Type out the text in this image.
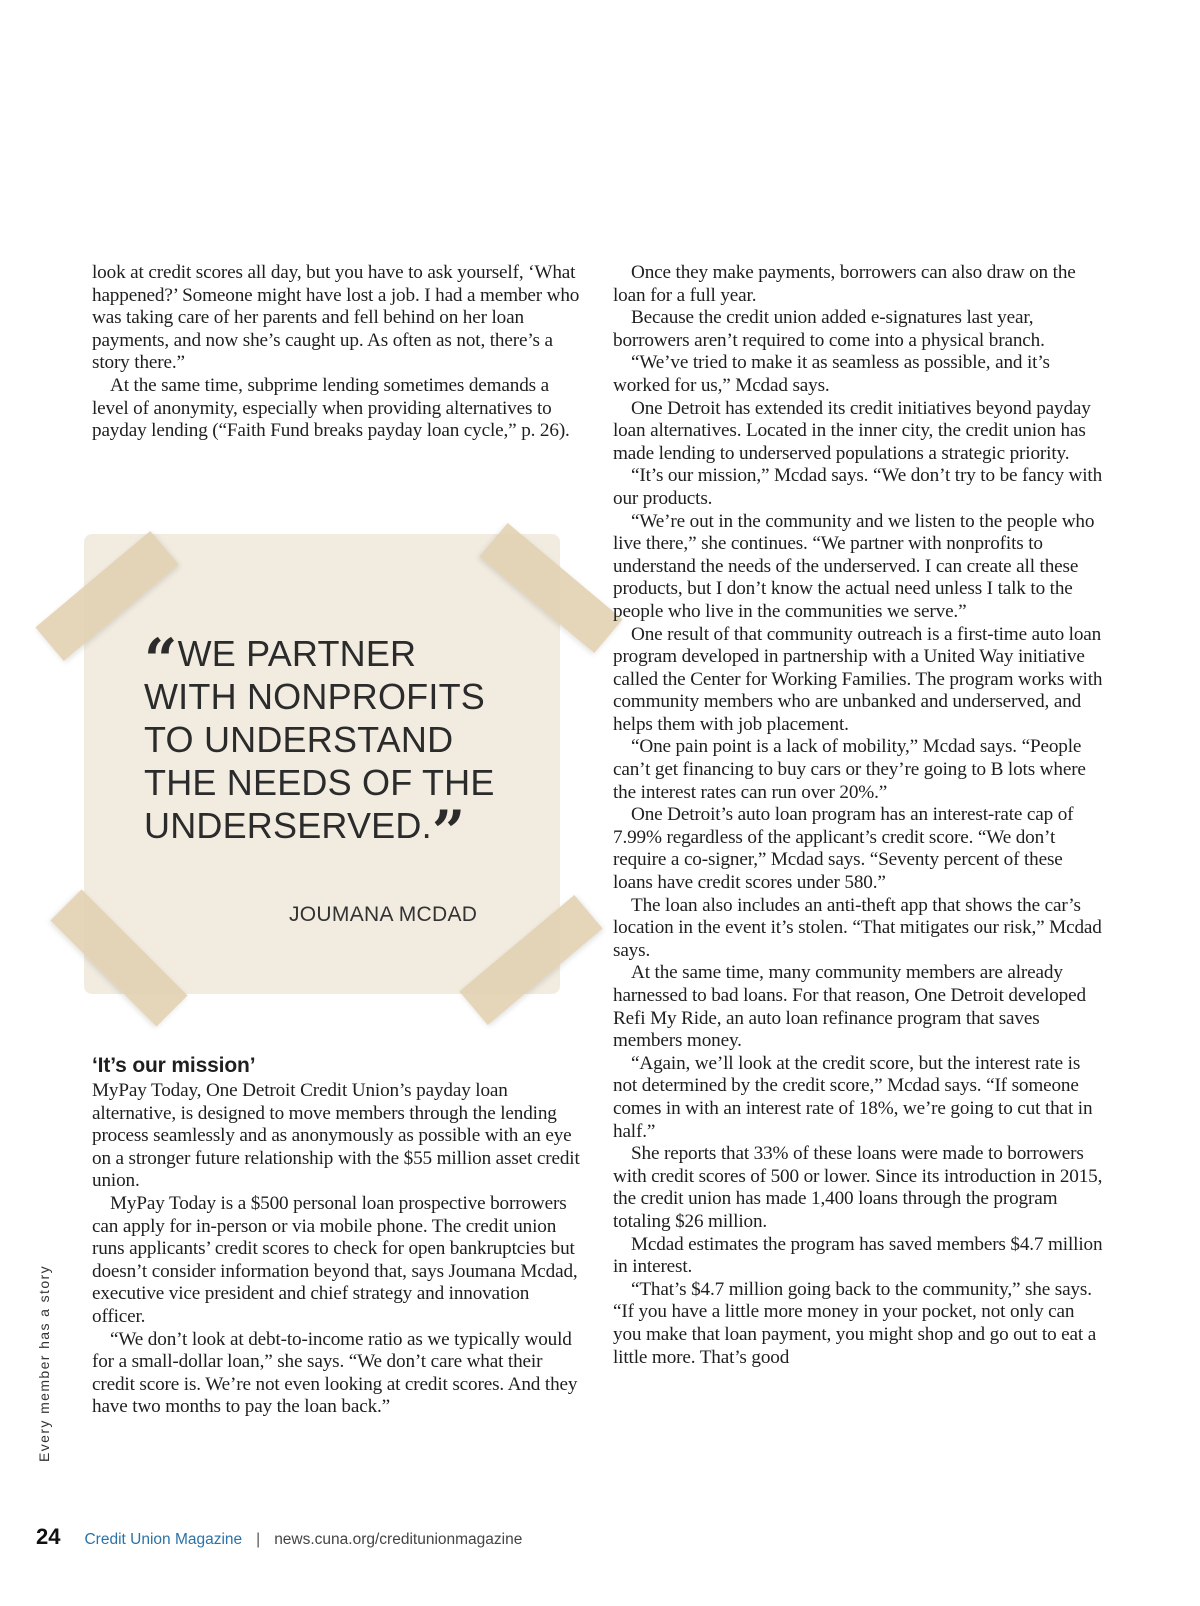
look at credit scores all day, but you have to ask yourself, ‘What happened?’ Someone might have lost a job. I had a member who was taking care of her parents and fell behind on her loan payments, and now she’s caught up. As often as not, there’s a story there.”

At the same time, subprime lending sometimes demands a level of anonymity, especially when providing alternatives to payday lending (“Faith Fund breaks payday loan cycle,” p. 26).

“WE PARTNER WITH NONPROFITS TO UNDERSTAND THE NEEDS OF THE UNDERSERVED.”
JOUMANA MCDAD
‘It’s our mission’

MyPay Today, One Detroit Credit Union’s payday loan alternative, is designed to move members through the lending process seamlessly and as anonymously as possible with an eye on a stronger future relationship with the $55 million asset credit union.

MyPay Today is a $500 personal loan prospective borrowers can apply for in-person or via mobile phone. The credit union runs applicants’ credit scores to check for open bankruptcies but doesn’t consider information beyond that, says Joumana Mcdad, executive vice president and chief strategy and innovation officer.

“We don’t look at debt-to-income ratio as we typically would for a small-dollar loan,” she says. “We don’t care what their credit score is. We’re not even looking at credit scores. And they have two months to pay the loan back.”

Once they make payments, borrowers can also draw on the loan for a full year.

Because the credit union added e-signatures last year, borrowers aren’t required to come into a physical branch.

“We’ve tried to make it as seamless as possible, and it’s worked for us,” Mcdad says.

One Detroit has extended its credit initiatives beyond payday loan alternatives. Located in the inner city, the credit union has made lending to underserved populations a strategic priority.

“It’s our mission,” Mcdad says. “We don’t try to be fancy with our products.

“We’re out in the community and we listen to the people who live there,” she continues. “We partner with nonprofits to understand the needs of the underserved. I can create all these products, but I don’t know the actual need unless I talk to the people who live in the communities we serve.”

One result of that community outreach is a first-time auto loan program developed in partnership with a United Way initiative called the Center for Working Families. The program works with community members who are unbanked and underserved, and helps them with job placement.

“One pain point is a lack of mobility,” Mcdad says. “People can’t get financing to buy cars or they’re going to B lots where the interest rates can run over 20%.”

One Detroit’s auto loan program has an interest-rate cap of 7.99% regardless of the applicant’s credit score. “We don’t require a co-signer,” Mcdad says. “Seventy percent of these loans have credit scores under 580.”

The loan also includes an anti-theft app that shows the car’s location in the event it’s stolen. “That mitigates our risk,” Mcdad says.

At the same time, many community members are already harnessed to bad loans. For that reason, One Detroit developed Refi My Ride, an auto loan refinance program that saves members money.

“Again, we’ll look at the credit score, but the interest rate is not determined by the credit score,” Mcdad says. “If someone comes in with an interest rate of 18%, we’re going to cut that in half.”

She reports that 33% of these loans were made to borrowers with credit scores of 500 or lower. Since its introduction in 2015, the credit union has made 1,400 loans through the program totaling $26 million.

Mcdad estimates the program has saved members $4.7 million in interest.

“That’s $4.7 million going back to the community,” she says. “If you have a little more money in your pocket, not only can you make that loan payment, you might shop and go out to eat a little more. That’s good

Every member has a story
24 Credit Union Magazine | news.cuna.org/creditunionmagazine
